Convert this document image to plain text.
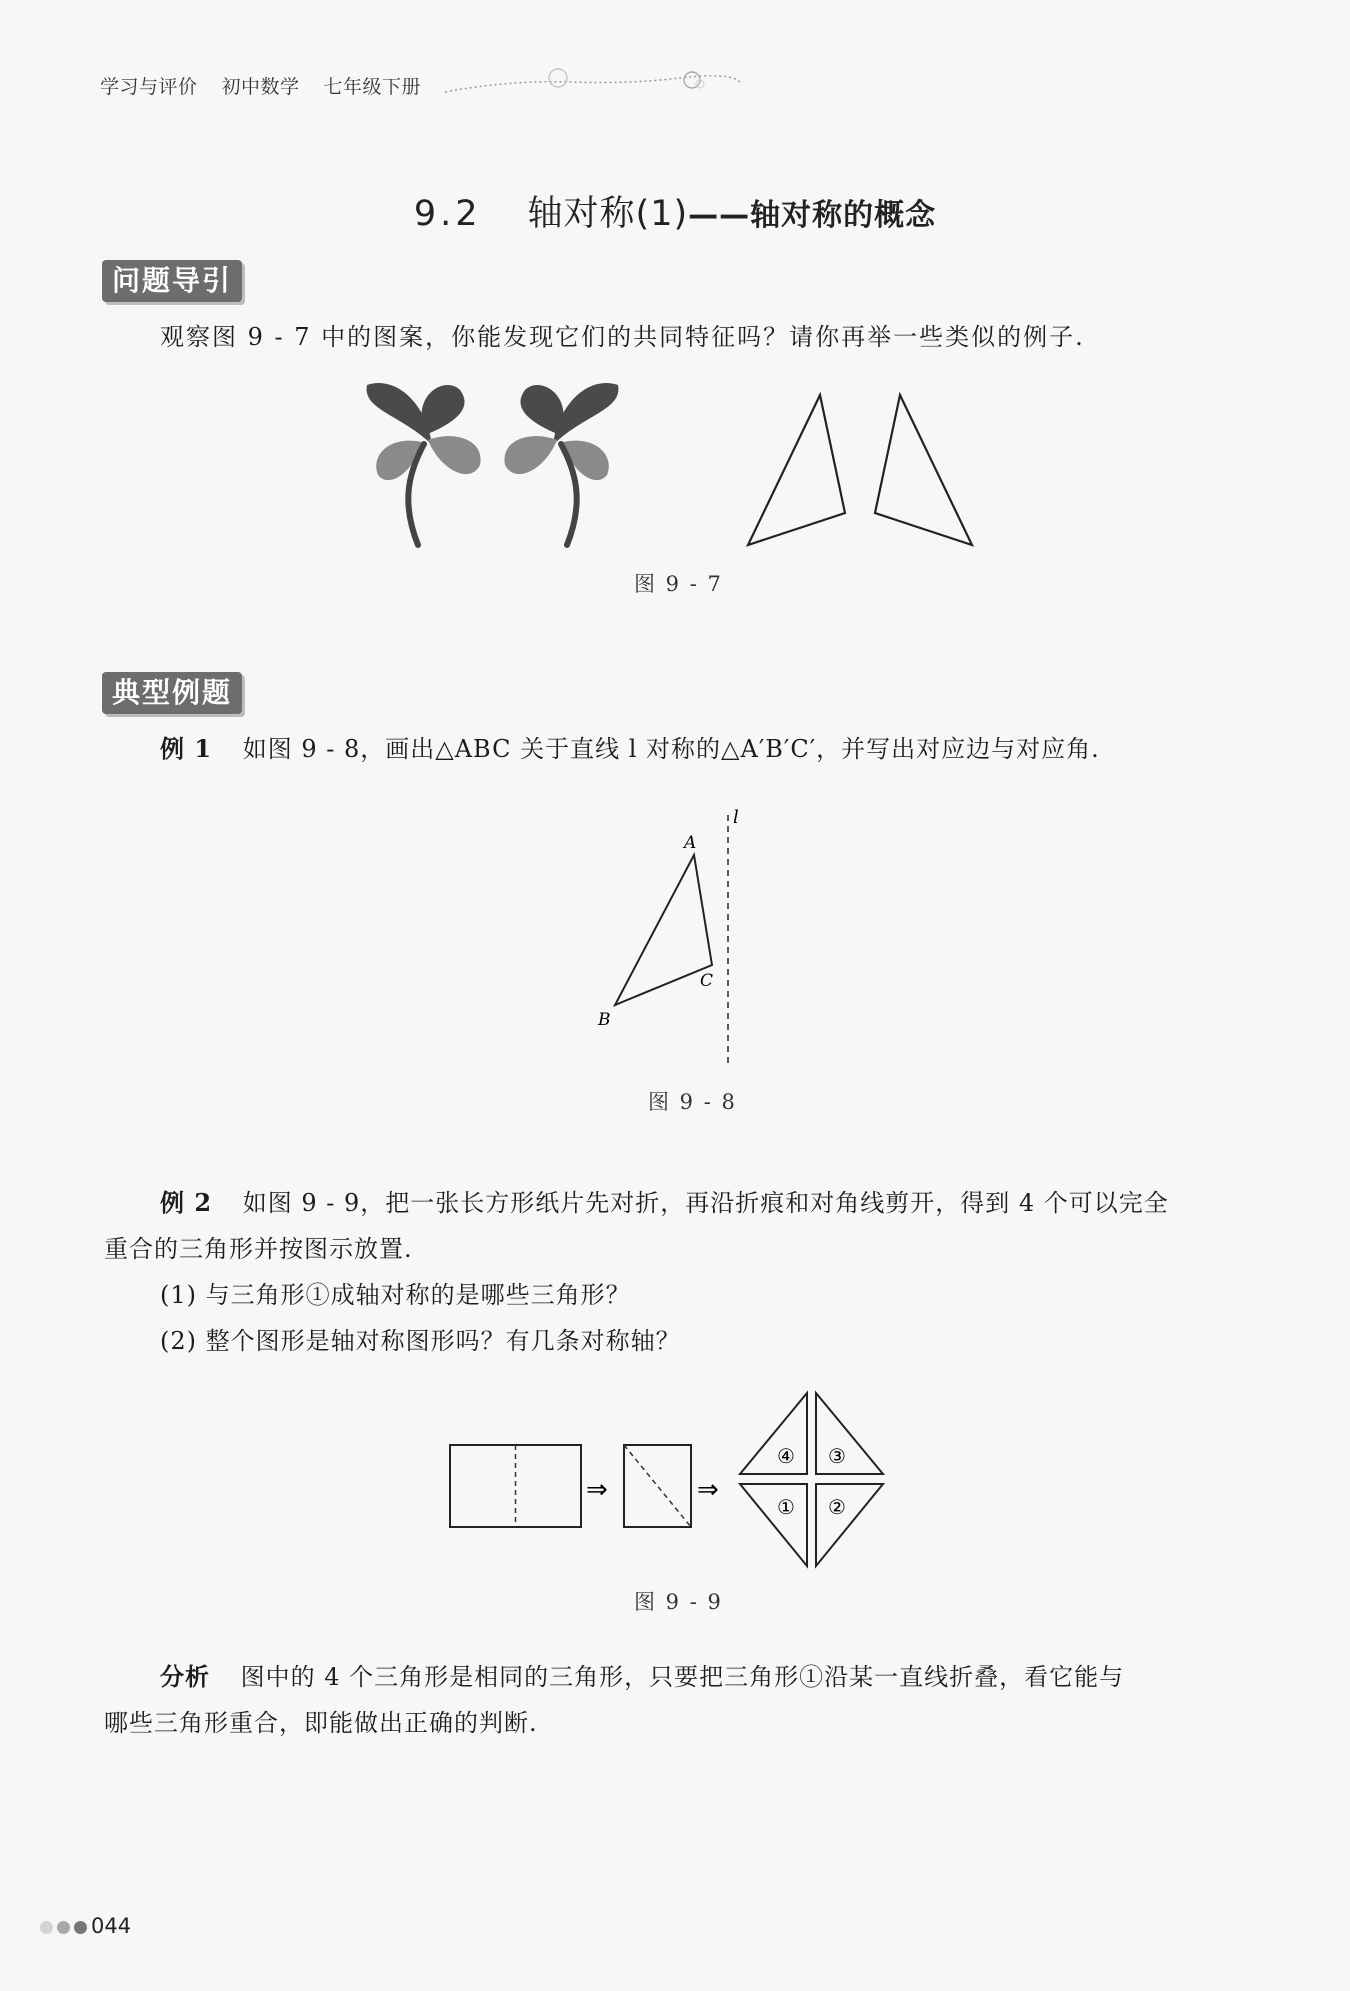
学习与评价 初中数学 七年级下册
9.2 轴对称(1)——轴对称的概念
问题导引
观察图 9 - 7 中的图案，你能发现它们的共同特征吗？请你再举一些类似的例子.
图 9 - 7
典型例题
例 1 如图 9 - 8，画出△ABC 关于直线 l 对称的△A′B′C′，并写出对应边与对应角.
A
B
C
l
图 9 - 8
例 2 如图 9 - 9，把一张长方形纸片先对折，再沿折痕和对角线剪开，得到 4 个可以完全
重合的三角形并按图示放置.
(1) 与三角形①成轴对称的是哪些三角形？
(2) 整个图形是轴对称图形吗？有几条对称轴？
⇒	⇒
④ ③
① ②
图 9 - 9
分析 图中的 4 个三角形是相同的三角形，只要把三角形①沿某一直线折叠，看它能与
哪些三角形重合，即能做出正确的判断.
044
